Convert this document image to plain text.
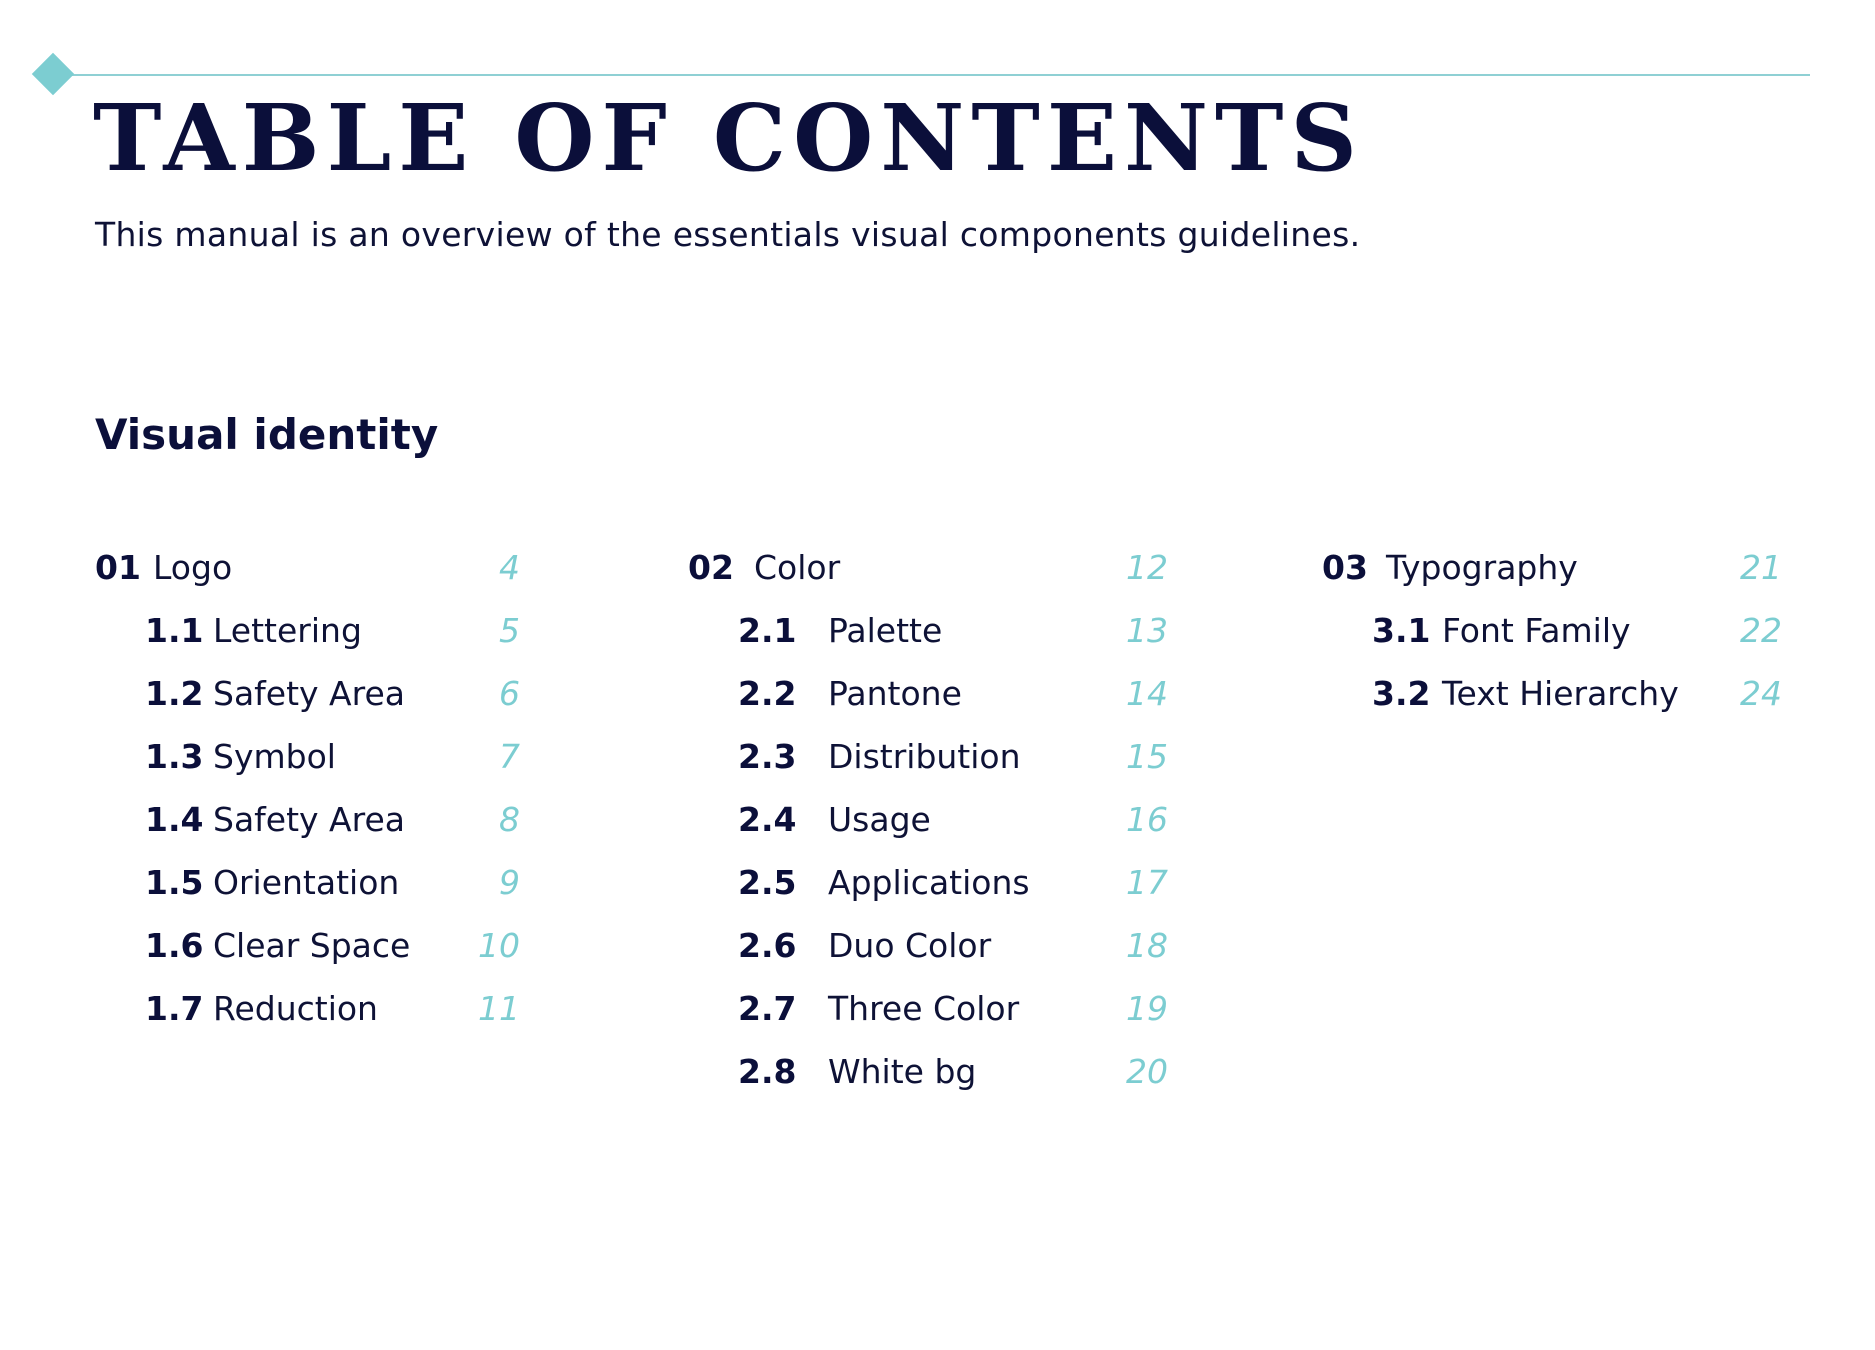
TABLE OF CONTENTS

This manual is an overview of the essentials visual components guidelines.

Visual identity
01 Logo	4
1.1 Lettering	5
1.2 Safety Area	6
1.3 Symbol	7
1.4 Safety Area	8
1.5 Orientation	9
1.6 Clear Space 10
1.7 Reduction	11
02 Color	12
2.1 Palette	13
2.2 Pantone	14
2.3 Distribution	15
2.4 Usage	16
2.5 Applications	17
2.6 Duo Color	18
2.7 Three Color	19
2.8 White bg	20
03 Typography	21
3.1 Font Family	22
3.2 Text Hierarchy 24
